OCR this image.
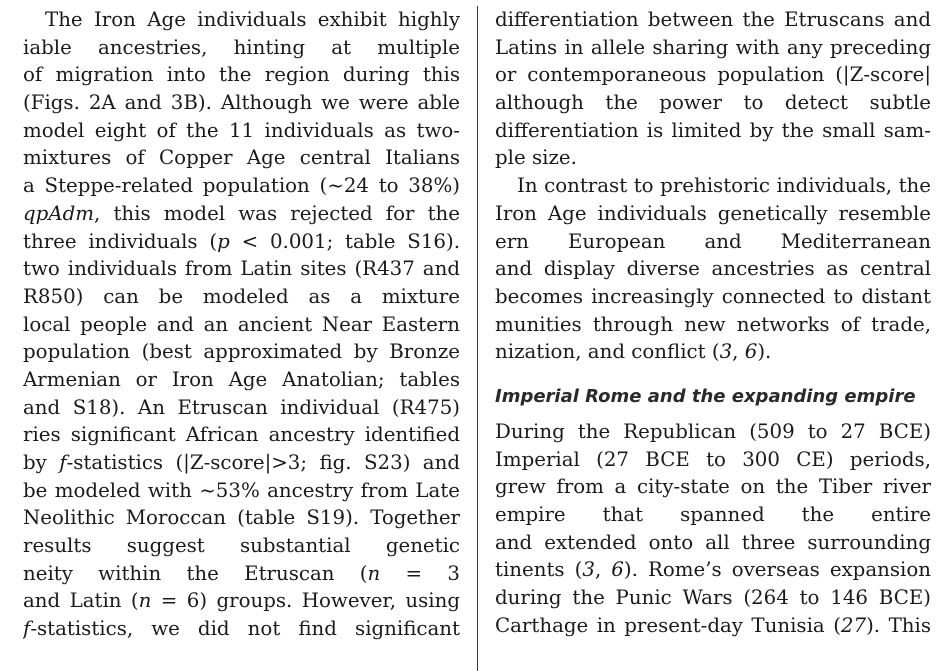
The Iron Age individuals exhibit highly
iable ancestries, hinting at multiple
of migration into the region during this
(Figs. 2A and 3B). Although we were able
model eight of the 11 individuals as two-
mixtures of Copper Age central Italians
a Steppe-related population (~24 to 38%)
qpAdm, this model was rejected for the
three individuals (p < 0.001; table S16).
two individuals from Latin sites (R437 and
R850) can be modeled as a mixture
local people and an ancient Near Eastern
population (best approximated by Bronze
Armenian or Iron Age Anatolian; tables
and S18). An Etruscan individual (R475)
ries significant African ancestry identified
by f-statistics (|Z-score|>3; fig. S23) and
be modeled with ~53% ancestry from Late
Neolithic Moroccan (table S19). Together
results suggest substantial genetic
neity within the Etruscan (n = 3
and Latin (n = 6) groups. However, using
f-statistics, we did not find significant
differentiation between the Etruscans and
Latins in allele sharing with any preceding
or contemporaneous population (|Z-score|
although the power to detect subtle
differentiation is limited by the small sam-
ple size.
In contrast to prehistoric individuals, the
Iron Age individuals genetically resemble
ern European and Mediterranean
and display diverse ancestries as central
becomes increasingly connected to distant
munities through new networks of trade,
nization, and conflict (3, 6).
Imperial Rome and the expanding empire
During the Republican (509 to 27 BCE)
Imperial (27 BCE to 300 CE) periods,
grew from a city-state on the Tiber river
empire that spanned the entire
and extended onto all three surrounding
tinents (3, 6). Rome’s overseas expansion
during the Punic Wars (264 to 146 BCE)
Carthage in present-day Tunisia (27). This
